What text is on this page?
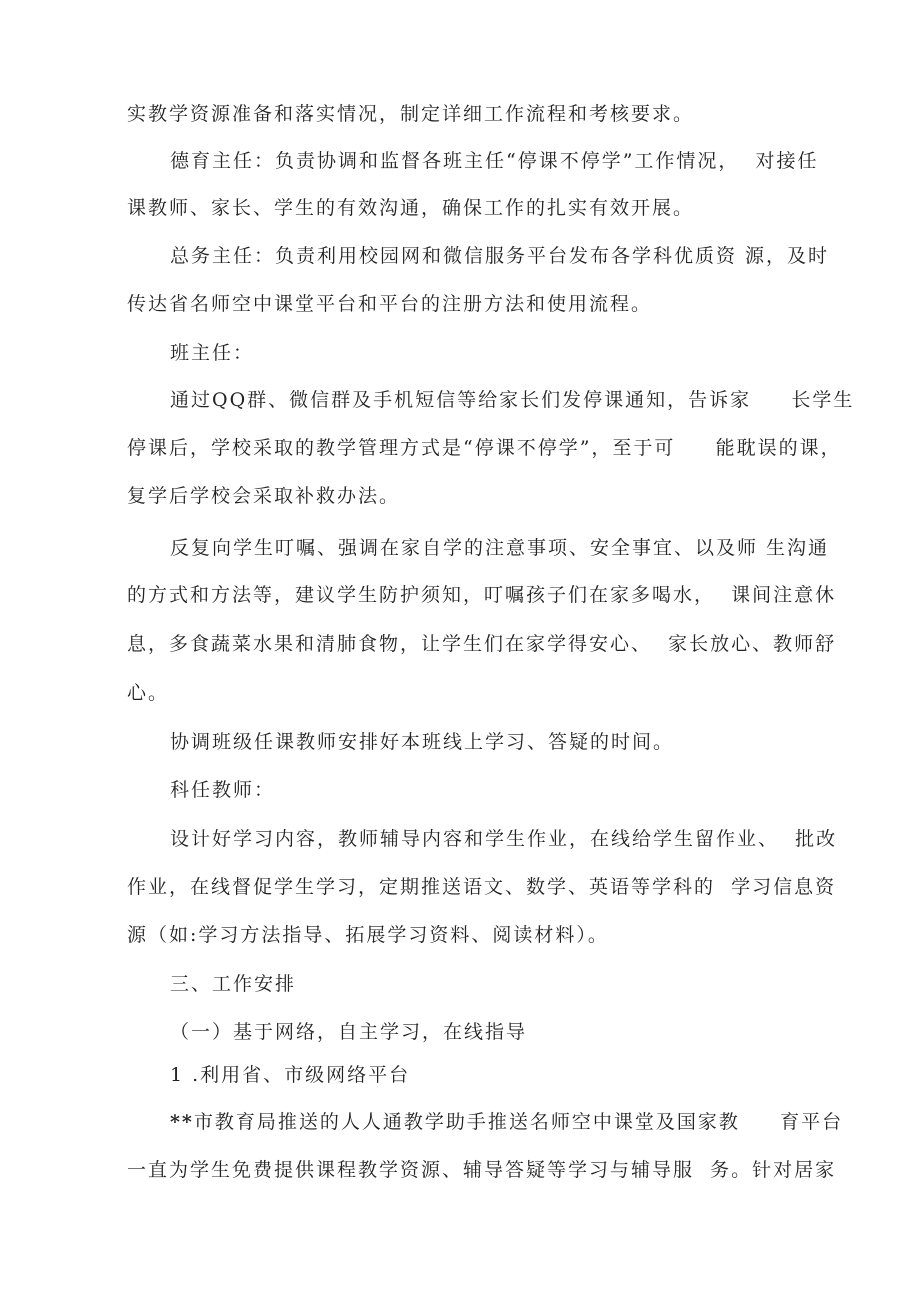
实教学资源准备和落实情况，制定详细工作流程和考核要求。
德育主任：负责协调和监督各班主任“停课不停学”工作情况，  对接任
课教师、家长、学生的有效沟通，确保工作的扎实有效开展。
总务主任：负责利用校园网和微信服务平台发布各学科优质资 源，及时
传达省名师空中课堂平台和平台的注册方法和使用流程。
班主任：
通过QQ群、微信群及手机短信等给家长们发停课通知，告诉家     长学生
停课后，学校采取的教学管理方式是“停课不停学”，至于可     能耽误的课，
复学后学校会采取补救办法。
反复向学生叮嘱、强调在家自学的注意事项、安全事宜、以及师 生沟通
的方式和方法等，建议学生防护须知，叮嘱孩子们在家多喝水，  课间注意休
息，多食蔬菜水果和清肺食物，让学生们在家学得安心、  家长放心、教师舒
心。
协调班级任课教师安排好本班线上学习、答疑的时间。
科任教师：
设计好学习内容，教师辅导内容和学生作业，在线给学生留作业、  批改
作业，在线督促学生学习，定期推送语文、数学、英语等学科的  学习信息资
源（如:学习方法指导、拓展学习资料、阅读材料）。
三、工作安排
（一）基于网络，自主学习，在线指导
1 .利用省、市级网络平台
**市教育局推送的人人通教学助手推送名师空中课堂及国家教     育平台
一直为学生免费提供课程教学资源、辅导答疑等学习与辅导服  务。针对居家
